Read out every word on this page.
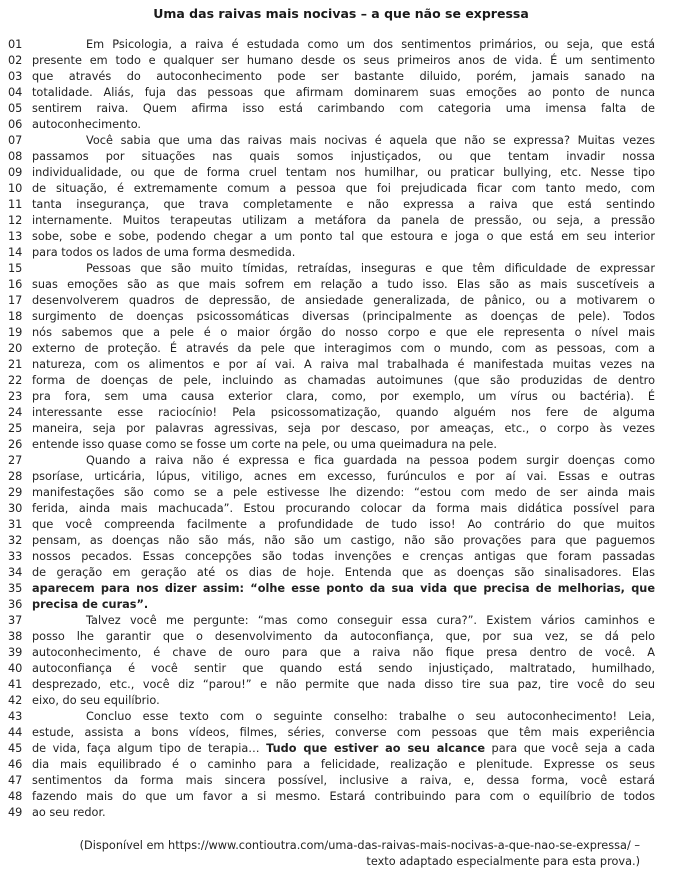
Uma das raivas mais nocivas – a que não se expressa
01	Em Psicologia, a raiva é estudada como um dos sentimentos primários, ou seja, que está
02 presente em todo e qualquer ser humano desde os seus primeiros anos de vida. É um sentimento
03 que através do autoconhecimento pode ser bastante diluido, porém, jamais sanado na
04 totalidade. Aliás, fuja das pessoas que afirmam dominarem suas emoções ao ponto de nunca
05 sentirem raiva. Quem afirma isso está carimbando com categoria uma imensa falta de
06 autoconhecimento.
07	Você sabia que uma das raivas mais nocivas é aquela que não se expressa? Muitas vezes
08 passamos por situações nas quais somos injustiçados, ou que tentam invadir nossa
09 individualidade, ou que de forma cruel tentam nos humilhar, ou praticar bullying, etc. Nesse tipo
10 de situação, é extremamente comum a pessoa que foi prejudicada ficar com tanto medo, com
11 tanta insegurança, que trava completamente e não expressa a raiva que está sentindo
12 internamente. Muitos terapeutas utilizam a metáfora da panela de pressão, ou seja, a pressão
13 sobe, sobe e sobe, podendo chegar a um ponto tal que estoura e joga o que está em seu interior
14 para todos os lados de uma forma desmedida.
15	Pessoas que são muito tímidas, retraídas, inseguras e que têm dificuldade de expressar
16 suas emoções são as que mais sofrem em relação a tudo isso. Elas são as mais suscetíveis a
17 desenvolverem quadros de depressão, de ansiedade generalizada, de pânico, ou a motivarem o
18 surgimento de doenças psicossomáticas diversas (principalmente as doenças de pele). Todos
19 nós sabemos que a pele é o maior órgão do nosso corpo e que ele representa o nível mais
20 externo de proteção. É através da pele que interagimos com o mundo, com as pessoas, com a
21 natureza, com os alimentos e por aí vai. A raiva mal trabalhada é manifestada muitas vezes na
22 forma de doenças de pele, incluindo as chamadas autoimunes (que são produzidas de dentro
23 pra fora, sem uma causa exterior clara, como, por exemplo, um vírus ou bactéria). É
24 interessante esse raciocínio! Pela psicossomatização, quando alguém nos fere de alguma
25 maneira, seja por palavras agressivas, seja por descaso, por ameaças, etc., o corpo às vezes
26 entende isso quase como se fosse um corte na pele, ou uma queimadura na pele.
27	Quando a raiva não é expressa e fica guardada na pessoa podem surgir doenças como
28 psoríase, urticária, lúpus, vitiligo, acnes em excesso, furúnculos e por aí vai. Essas e outras
29 manifestações são como se a pele estivesse lhe dizendo: “estou com medo de ser ainda mais
30 ferida, ainda mais machucada”. Estou procurando colocar da forma mais didática possível para
31 que você compreenda facilmente a profundidade de tudo isso! Ao contrário do que muitos
32 pensam, as doenças não são más, não são um castigo, não são provações para que paguemos
33 nossos pecados. Essas concepções são todas invenções e crenças antigas que foram passadas
34 de geração em geração até os dias de hoje. Entenda que as doenças são sinalisadores. Elas
35 aparecem para nos dizer assim: “olhe esse ponto da sua vida que precisa de melhorias, que
36 precisa de curas”.
37	Talvez você me pergunte: “mas como conseguir essa cura?”. Existem vários caminhos e
38 posso lhe garantir que o desenvolvimento da autoconfiança, que, por sua vez, se dá pelo
39 autoconhecimento, é chave de ouro para que a raiva não fique presa dentro de você. A
40 autoconfiança é você sentir que quando está sendo injustiçado, maltratado, humilhado,
41 desprezado, etc., você diz “parou!” e não permite que nada disso tire sua paz, tire você do seu
42 eixo, do seu equilíbrio.
43	Concluo esse texto com o seguinte conselho: trabalhe o seu autoconhecimento! Leia,
44 estude, assista a bons vídeos, filmes, séries, converse com pessoas que têm mais experiência
45 de vida, faça algum tipo de terapia… Tudo que estiver ao seu alcance para que você seja a cada
46 dia mais equilibrado é o caminho para a felicidade, realização e plenitude. Expresse os seus
47 sentimentos da forma mais sincera possível, inclusive a raiva, e, dessa forma, você estará
48 fazendo mais do que um favor a si mesmo. Estará contribuindo para com o equilíbrio de todos
49 ao seu redor.
(Disponível em https://www.contioutra.com/uma-das-raivas-mais-nocivas-a-que-nao-se-expressa/ –
texto adaptado especialmente para esta prova.)
